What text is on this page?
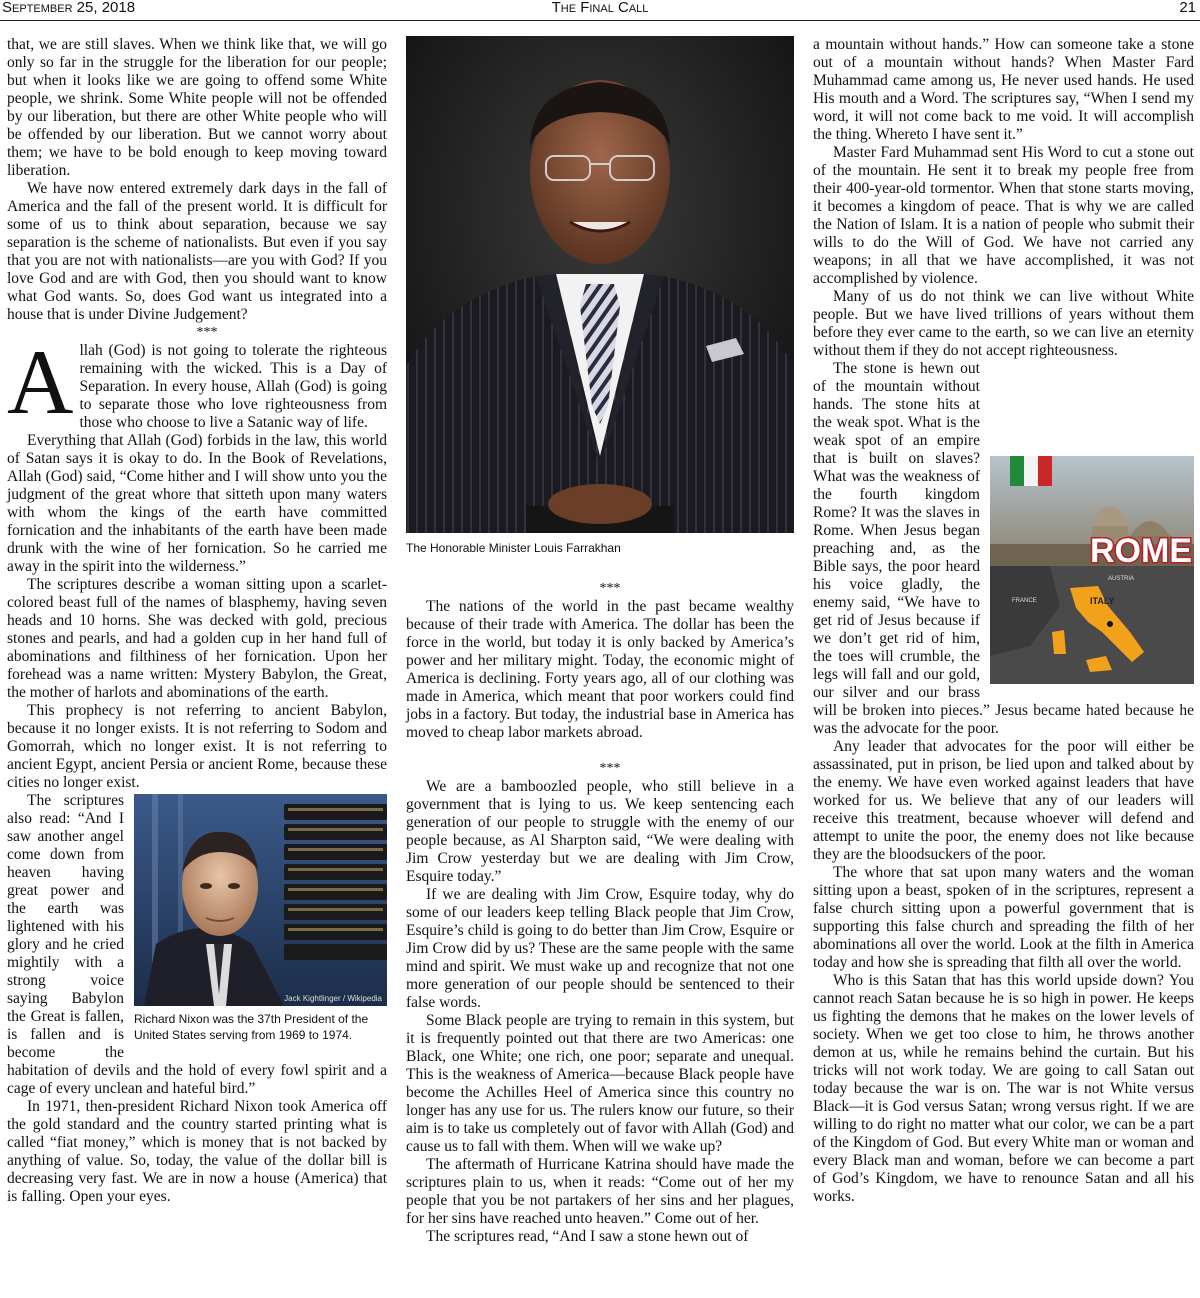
September 25, 2018	The Final Call	21

that, we are still slaves. When we think like that, we will go only so far in the struggle for the liberation for our people; but when it looks like we are going to offend some White people, we shrink. Some White people will not be offended by our liberation, but there are other White people who will be offended by our liberation. But we cannot worry about them; we have to be bold enough to keep moving toward liberation.

We have now entered extremely dark days in the fall of America and the fall of the present world. It is difficult for some of us to think about separation, because we say separation is the scheme of nationalists. But even if you say that you are not with nationalists—are you with God? If you love God and are with God, then you should want to know what God wants. So, does God want us integrated into a house that is under Divine Judgement?

***

Allah (God) is not going to tolerate the righteous remaining with the wicked. This is a Day of Separation. In every house, Allah (God) is going to separate those who love righteousness from those who choose to live a Satanic way of life.

Everything that Allah (God) forbids in the law, this world of Satan says it is okay to do. In the Book of Revelations, Allah (God) said, “Come hither and I will show unto you the judgment of the great whore that sitteth upon many waters with whom the kings of the earth have committed fornication and the inhabitants of the earth have been made drunk with the wine of her fornication. So he carried me away in the spirit into the wilderness.”

The scriptures describe a woman sitting upon a scarlet-colored beast full of the names of blasphemy, having seven heads and 10 horns. She was decked with gold, precious stones and pearls, and had a golden cup in her hand full of abominations and filthiness of her fornication. Upon her forehead was a name written: Mystery Babylon, the Great, the mother of harlots and abominations of the earth.

This prophecy is not referring to ancient Babylon, because it no longer exists. It is not referring to Sodom and Gomorrah, which no longer exist. It is not referring to ancient Egypt, ancient Persia or ancient Rome, because these cities no longer exist.

Jack Kightlinger / Wikipedia
Richard Nixon was the 37th President of the United States serving from 1969 to 1974.

The scriptures also read: “And I saw another angel come down from heaven having great power and the earth was lightened with his glory and he cried mightily with a strong voice saying Babylon the Great is fallen, is fallen and is become the habitation of devils and the hold of every fowl spirit and a cage of every unclean and hateful bird.”

In 1971, then-president Richard Nixon took America off the gold standard and the country started printing what is called “fiat money,” which is money that is not backed by anything of value. So, today, the value of the dollar bill is decreasing very fast. We are in now a house (America) that is falling. Open your eyes.

The Honorable Minister Louis Farrakhan

***

The nations of the world in the past became wealthy because of their trade with America. The dollar has been the force in the world, but today it is only backed by America’s power and her military might. Today, the economic might of America is declining. Forty years ago, all of our clothing was made in America, which meant that poor workers could find jobs in a factory. But today, the industrial base in America has moved to cheap labor markets abroad.

***

We are a bamboozled people, who still believe in a government that is lying to us. We keep sentencing each generation of our people to struggle with the enemy of our people because, as Al Sharpton said, “We were dealing with Jim Crow yesterday but we are dealing with Jim Crow, Esquire today.”

If we are dealing with Jim Crow, Esquire today, why do some of our leaders keep telling Black people that Jim Crow, Esquire’s child is going to do better than Jim Crow, Esquire or Jim Crow did by us? These are the same people with the same mind and spirit. We must wake up and recognize that not one more generation of our people should be sentenced to their false words.

Some Black people are trying to remain in this system, but it is frequently pointed out that there are two Americas: one Black, one White; one rich, one poor; separate and unequal. This is the weakness of America—because Black people have become the Achilles Heel of America since this country no longer has any use for us. The rulers know our future, so their aim is to take us completely out of favor with Allah (God) and cause us to fall with them. When will we wake up?

The aftermath of Hurricane Katrina should have made the scriptures plain to us, when it reads: “Come out of her my people that you be not partakers of her sins and her plagues, for her sins have reached unto heaven.” Come out of her.

The scriptures read, “And I saw a stone hewn out of

a mountain without hands.” How can someone take a stone out of a mountain without hands? When Master Fard Muhammad came among us, He never used hands. He used His mouth and a Word. The scriptures say, “When I send my word, it will not come back to me void. It will accomplish the thing. Whereto I have sent it.”

Master Fard Muhammad sent His Word to cut a stone out of the mountain. He sent it to break my people free from their 400-year-old tormentor. When that stone starts moving, it becomes a kingdom of peace. That is why we are called the Nation of Islam. It is a nation of people who submit their wills to do the Will of God. We have not carried any weapons; in all that we have accomplished, it was not accomplished by violence.

Many of us do not think we can live without White people. But we have lived trillions of years without them before they ever came to the earth, so we can live an eternity without them if they do not accept righteousness.

ROME
ITALY
FRANCE
AUSTRIA

The stone is hewn out of the mountain without hands. The stone hits at the weak spot. What is the weak spot of an empire that is built on slaves? What was the weakness of the fourth kingdom Rome? It was the slaves in Rome. When Jesus began preaching and, as the Bible says, the poor heard his voice gladly, the enemy said, “We have to get rid of Jesus because if we don’t get rid of him, the toes will crumble, the legs will fall and our gold, our silver and our brass will be broken into pieces.” Jesus became hated because he was the advocate for the poor.

Any leader that advocates for the poor will either be assassinated, put in prison, be lied upon and talked about by the enemy. We have even worked against leaders that have worked for us. We believe that any of our leaders will receive this treatment, because whoever will defend and attempt to unite the poor, the enemy does not like because they are the bloodsuckers of the poor.

The whore that sat upon many waters and the woman sitting upon a beast, spoken of in the scriptures, represent a false church sitting upon a powerful government that is supporting this false church and spreading the filth of her abominations all over the world. Look at the filth in America today and how she is spreading that filth all over the world.

Who is this Satan that has this world upside down? You cannot reach Satan because he is so high in power. He keeps us fighting the demons that he makes on the lower levels of society. When we get too close to him, he throws another demon at us, while he remains behind the curtain. But his tricks will not work today. We are going to call Satan out today because the war is on. The war is not White versus Black—it is God versus Satan; wrong versus right. If we are willing to do right no matter what our color, we can be a part of the Kingdom of God. But every White man or woman and every Black man and woman, before we can become a part of God’s Kingdom, we have to renounce Satan and all his works.
